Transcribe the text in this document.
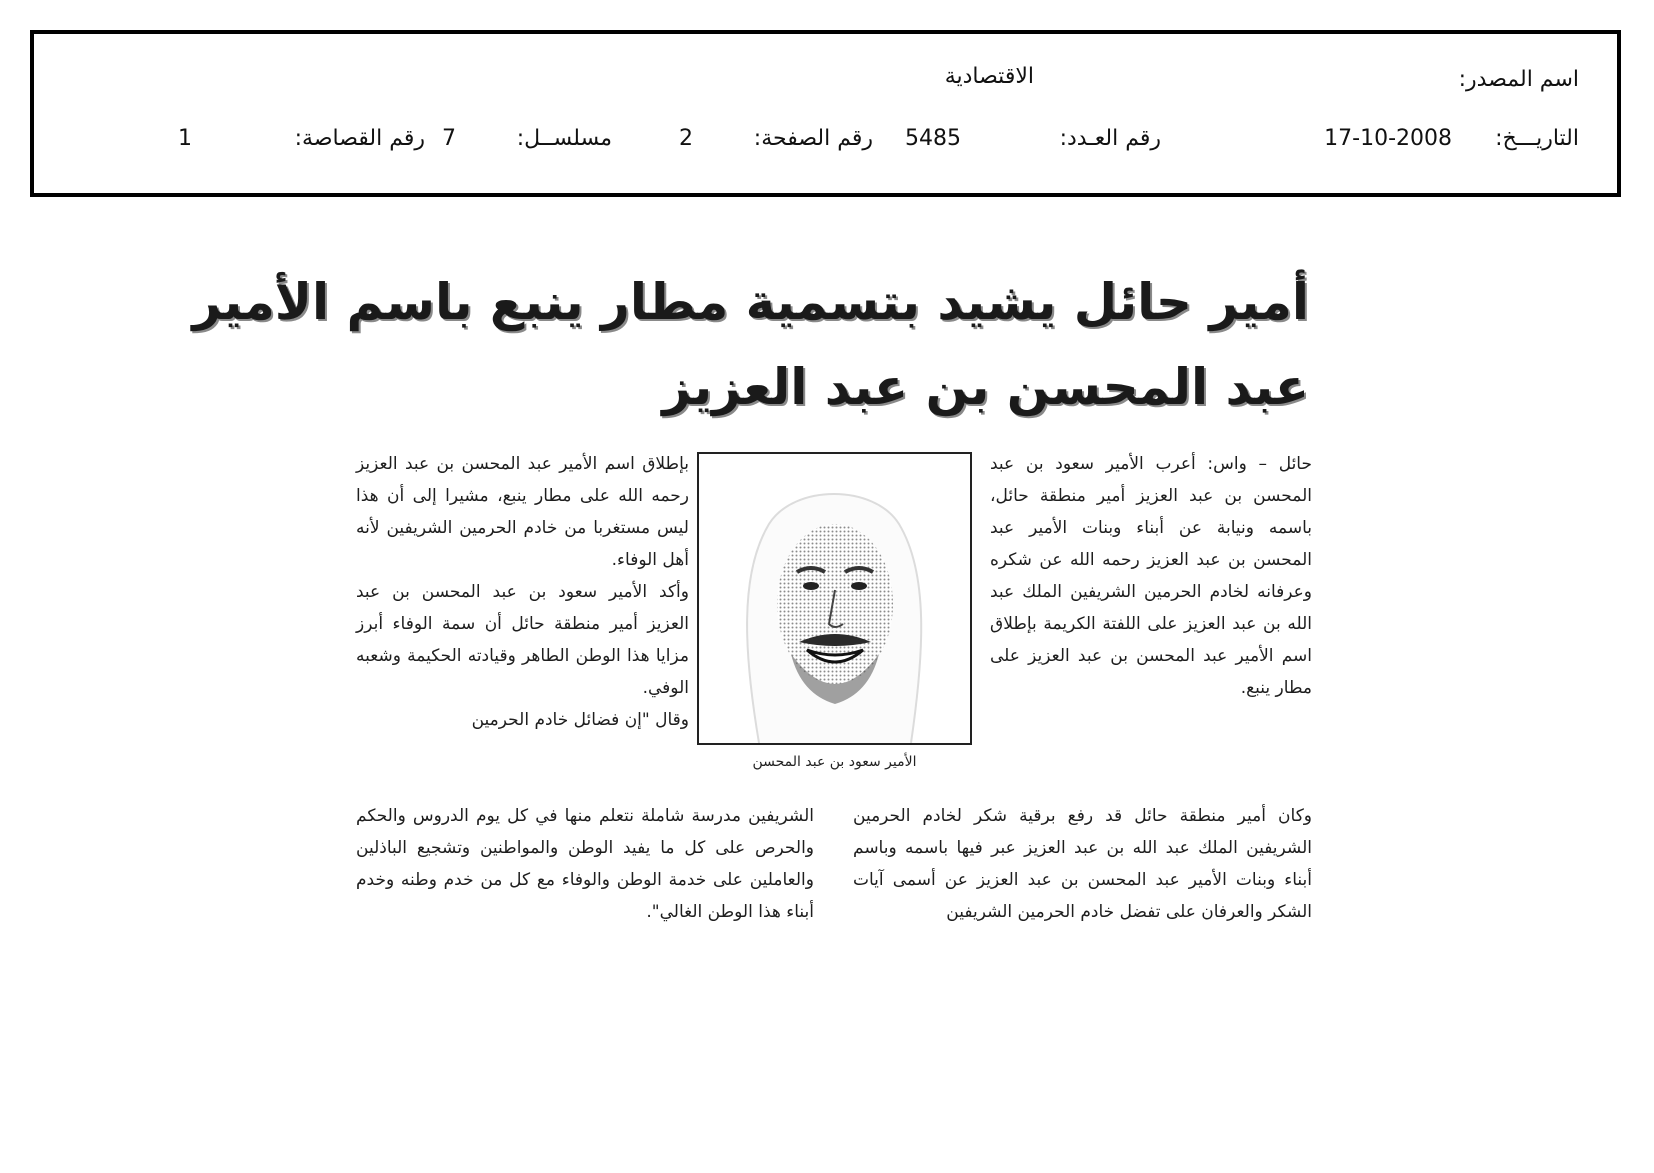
اسم المصدر:
الاقتصادية
التاريـــخ:
17-10-2008
رقم العـدد:
5485
رقم الصفحة:
2
مسلســل:
7
رقم القصاصة:
1
أمير حائل يشيد بتسمية مطار ينبع باسم الأمير
عبد المحسن بن عبد العزيز

حائل – واس: أعرب الأمير سعود بن عبد المحسن بن عبد العزيز أمير منطقة حائل، باسمه ونيابة عن أبناء وبنات الأمير عبد المحسن بن عبد العزيز رحمه الله عن شكره وعرفانه لخادم الحرمين الشريفين الملك عبد الله بن عبد العزيز على اللفتة الكريمة بإطلاق اسم الأمير عبد المحسن بن عبد العزيز على مطار ينبع.

الأمير سعود بن عبد المحسن

بإطلاق اسم الأمير عبد المحسن بن عبد العزيز رحمه الله على مطار ينبع، مشيرا إلى أن هذا ليس مستغربا من خادم الحرمين الشريفين لأنه أهل الوفاء.

وأكد الأمير سعود بن عبد المحسن بن عبد العزيز أمير منطقة حائل أن سمة الوفاء أبرز مزايا هذا الوطن الطاهر وقيادته الحكيمة وشعبه الوفي.

وقال "إن فضائل خادم الحرمين

وكان أمير منطقة حائل قد رفع برقية شكر لخادم الحرمين الشريفين الملك عبد الله بن عبد العزيز عبر فيها باسمه وباسم أبناء وبنات الأمير عبد المحسن بن عبد العزيز عن أسمى آيات الشكر والعرفان على تفضل خادم الحرمين الشريفين

الشريفين مدرسة شاملة نتعلم منها في كل يوم الدروس والحكم والحرص على كل ما يفيد الوطن والمواطنين وتشجيع الباذلين والعاملين على خدمة الوطن والوفاء مع كل من خدم وطنه وخدم أبناء هذا الوطن الغالي".
